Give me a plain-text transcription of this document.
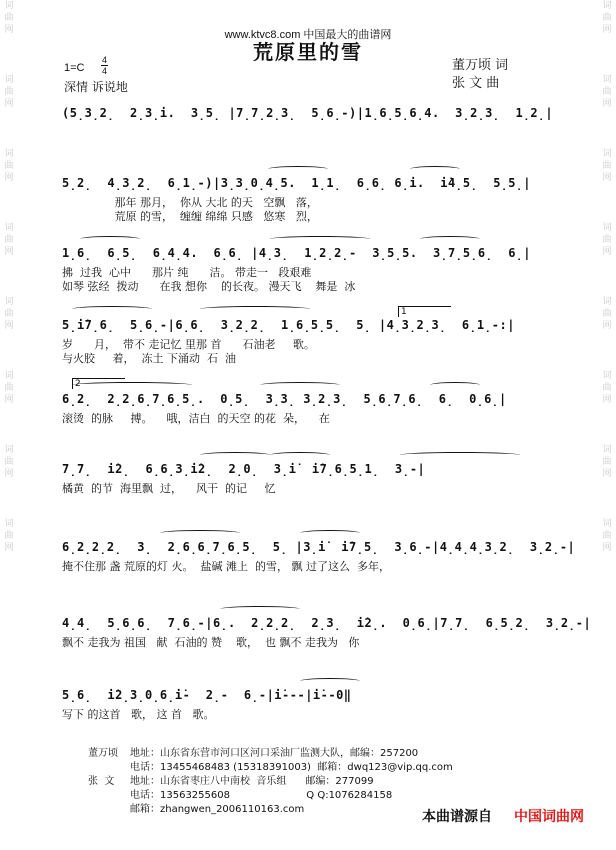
词
曲
网
词
曲
网
词
曲
网
词
曲
网
词
曲
网
词
曲
网
词
曲
网
词
曲
网
词
曲
网
词
曲
网
词
曲
网
词
曲
网
词
曲
网
词
曲
网
词
曲
网
词
曲
网
www.ktvc8.com 中国最大的曲谱网
荒原里的雪
1=C
4
4
深情 诉说地
董万顷 词
张 文 曲
(5̣3̣2̣  2̣3̣i.  3̣5̣ |7̣7̣2̣3̣  5̣6̣-)|1̣6̣5̣6̣4.  3̣2̣3̣  1̣2̣|
5̣2̣  4̣3̣2̣  6̣1̣-)|3̣3̣0̣4̣5.  1̣1̣  6̣6̣ 6̣i.  i̇4̣5̣  5̣5̣|
那年 那月，  你从 大北 的天   空飘   落，
荒原 的雪，  缠缠 绵绵 只感   悠寒   烈，
1̣6̣  6̣5̣  6̣4̣4.  6̣6̣ |4̣3̣  1̣2̣2̣-  3̣5̣5.  3̣7̣5̣6̣  6̣|
拂  过我  心中      那片 纯      洁。 带走一   段艰难
如琴 弦经  拨动      在我 想你    的长夜。 漫天飞    舞是  冰
5̣i̇7̣6̣  5̣6̣-|6̣6̣  3̣2̣2̣  1̣6̣5̣5̣  5̣ |4̣3̣2̣3̣  6̣1̣-:|
岁      月，  带不 走记忆 里那 首      石油老     歌。
与火胶     着，  冻土 下涌动  石  油
6̣2̣  2̣2̣6̣7̣6̣5̣.  0̣5̣  3̣3̣ 3̣2̣3̣  5̣6̣7̣6̣  6̣  0̣6̣|
滚烫  的脉     搏。    哦，洁白  的天空 的花  朵，    在
7̣7̣  i̇2̣  6̣6̣3̣i̇2̣  2̣0̣  3̣i̇  i̇7̣6̣5̣1̣  3̣-|
橘黄  的节  海里飘  过，    风干  的记     忆
6̣2̣2̣2̣  3̣  2̣6̣6̣7̣6̣5̣  5̣ |3̣i̇  i̇7̣5̣  3̣6̣-|4̣4̣4̣3̣2̣  3̣2̣-|
掩不住那 盏 荒原的灯 火。  盐碱 滩上  的雪， 飘 过了这么  多年，
4̣4̣  5̣6̣6̣  7̣6̣-|6̣.  2̣2̣2̣  2̣3̣  i̇2̣.  0̣6̣|7̣7̣  6̣5̣2̣  3̣2̣-|
飘不 走我为 祖国   献  石油的 赞    歌，  也 飘不 走我为   你
5̣6̣  i̇2̣3̣0̣6̣i̇-  2̣-  6̣-|i̇---|i̇--0‖
写下 的这首   歌， 这 首   歌。
1
2
董万顷 地址：山东省东营市河口区河口采油厂监测大队，邮编：257200
电话：13455468483 (15318391003)  邮箱：dwq123@vip.qq.com
张  文 地址：山东省枣庄八中南校  音乐组      邮编：277099
电话：13563255608                        Q Q:1076284158
邮箱：zhangwen_2006110163.com	本曲谱源自 中国词曲网
